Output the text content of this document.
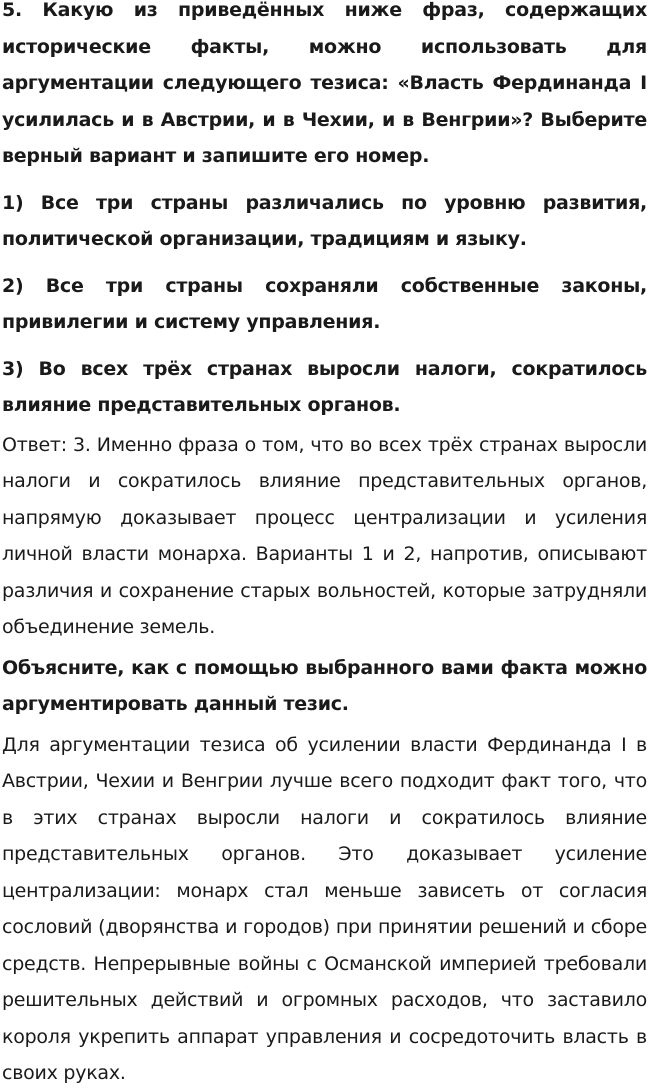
5. Какую из приведённых ниже фраз, содержащих исторические факты, можно использовать для аргументации следующего тезиса: «Власть Фердинанда I усилилась и в Австрии, и в Чехии, и в Венгрии»? Выберите верный вариант и запишите его номер.

1) Все три страны различались по уровню развития, политической организации, традициям и языку.

2) Все три страны сохраняли собственные законы, привилегии и систему управления.

3) Во всех трёх странах выросли налоги, сократилось влияние представительных органов.

Ответ: 3. Именно фраза о том, что во всех трёх странах выросли налоги и сократилось влияние представительных органов, напрямую доказывает процесс централизации и усиления личной власти монарха. Варианты 1 и 2, напротив, описывают различия и сохранение старых вольностей, которые затрудняли объединение земель.

Объясните, как с помощью выбранного вами факта можно аргументировать данный тезис.

Для аргументации тезиса об усилении власти Фердинанда I в Австрии, Чехии и Венгрии лучше всего подходит факт того, что в этих странах выросли налоги и сократилось влияние представительных органов. Это доказывает усиление централизации: монарх стал меньше зависеть от согласия сословий (дворянства и городов) при принятии решений и сборе средств. Непрерывные войны с Османской империей требовали решительных действий и огромных расходов, что заставило короля укрепить аппарат управления и сосредоточить власть в своих руках.
